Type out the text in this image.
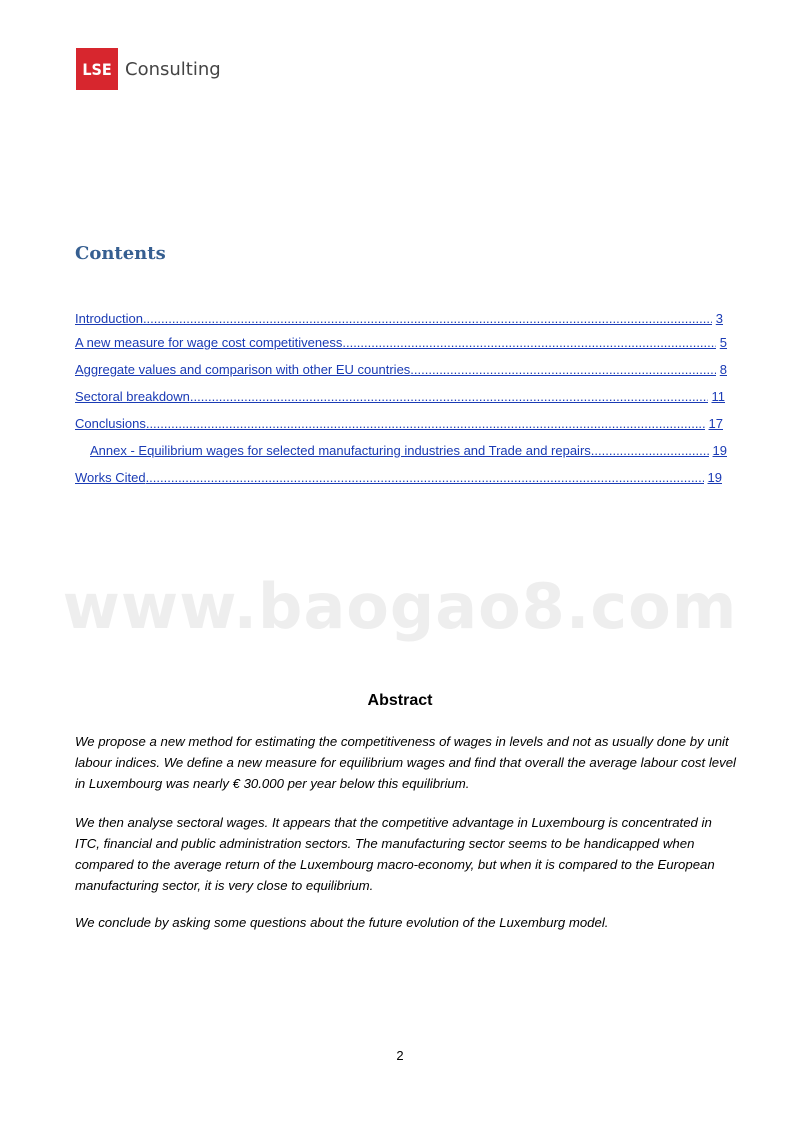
LSE Consulting
Contents
Introduction .....	3
A new measure for wage cost competitiveness .....	5
Aggregate values and comparison with other EU countries .....	8
Sectoral breakdown .....	11
Conclusions .....	17
Annex - Equilibrium wages for selected manufacturing industries and Trade and repairs .....	19
Works Cited .....	19
www.baogao8.com
Abstract

We propose a new method for estimating the competitiveness of wages in levels and not as usually done by unit labour indices. We define a new measure for equilibrium wages and find that overall the average labour cost level in Luxembourg was nearly € 30.000 per year below this equilibrium.

We then analyse sectoral wages. It appears that the competitive advantage in Luxembourg is concentrated in ITC, financial and public administration sectors. The manufacturing sector seems to be handicapped when compared to the average return of the Luxembourg macro-economy, but when it is compared to the European manufacturing sector, it is very close to equilibrium.

We conclude by asking some questions about the future evolution of the Luxemburg model.

2
